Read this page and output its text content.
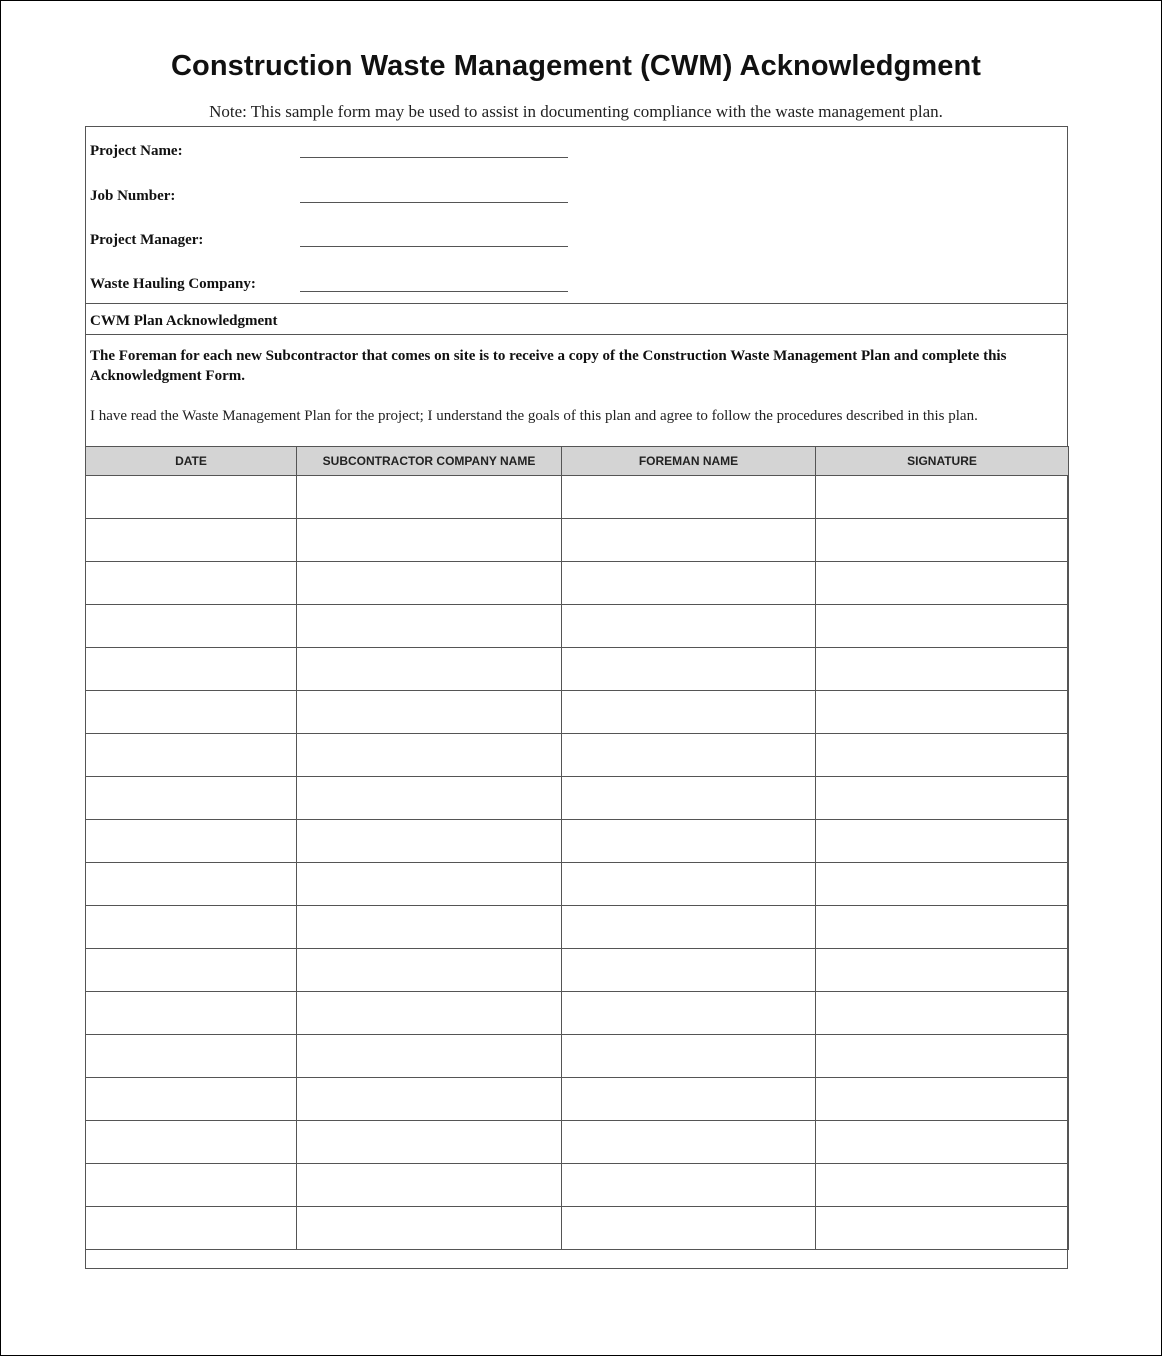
Construction Waste Management (CWM) Acknowledgment
Note: This sample form may be used to assist in documenting compliance with the waste management plan.
Project Name:
Job Number:
Project Manager:
Waste Hauling Company:
CWM Plan Acknowledgment
The Foreman for each new Subcontractor that comes on site is to receive a copy of the Construction Waste Management Plan and complete this Acknowledgment Form.
I have read the Waste Management Plan for the project; I understand the goals of this plan and agree to follow the procedures described in this plan.
DATE	SUBCONTRACTOR COMPANY NAME	FOREMAN NAME	SIGNATURE
